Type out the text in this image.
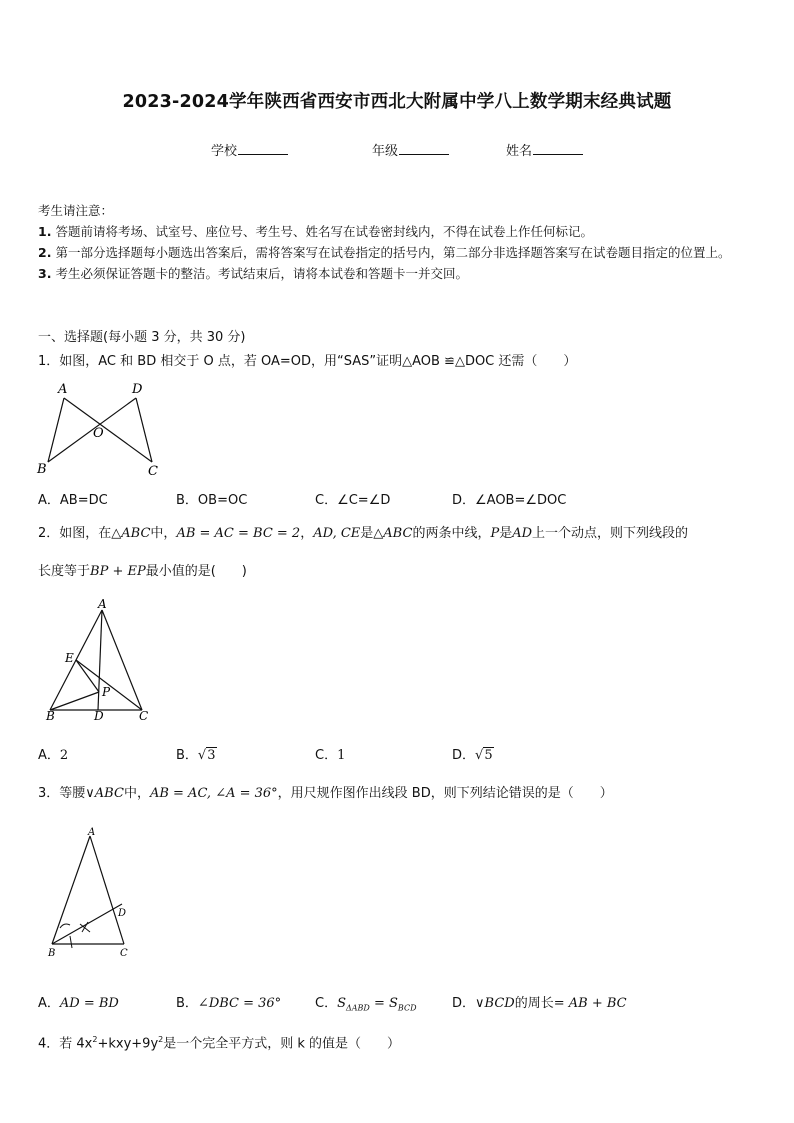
2023-2024学年陕西省西安市西北大附属中学八上数学期末经典试题
学校	年级	姓名
考生请注意：
1. 答题前请将考场、试室号、座位号、考生号、姓名写在试卷密封线内，不得在试卷上作任何标记。
2. 第一部分选择题每小题选出答案后，需将答案写在试卷指定的括号内，第二部分非选择题答案写在试卷题目指定的位置上。
3. 考生必须保证答题卡的整洁。考试结束后，请将本试卷和答题卡一并交回。
一、选择题(每小题 3 分，共 30 分)
1．如图，AC 和 BD 相交于 O 点，若 OA=OD，用“SAS”证明△AOB ≌△DOC 还需（　　）
A	D
O
B	C
A．AB=DC	B．OB=OC	C．∠C=∠D	D．∠AOB=∠DOC
2．如图，在△ABC中，AB = AC = BC = 2，AD, CE是△ABC的两条中线，P是AD上一个动点，则下列线段的
长度等于BP + EP最小值的是(　　)
A
E
P
B	D	C
A．2	B．√3	C．1	D．√5
3．等腰∨ABC中，AB = AC, ∠A = 36°，用尺规作图作出线段 BD，则下列结论错误的是（　　）
A
D
B	C
A．AD = BD	B．∠DBC = 36°	C．$S_{\Delta ABD} = S_{BCD}$	D．∨BCD的周长= AB + BC
4．若 $4x^2+kxy+9y^2$是一个完全平方式，则 k 的值是（　　）
